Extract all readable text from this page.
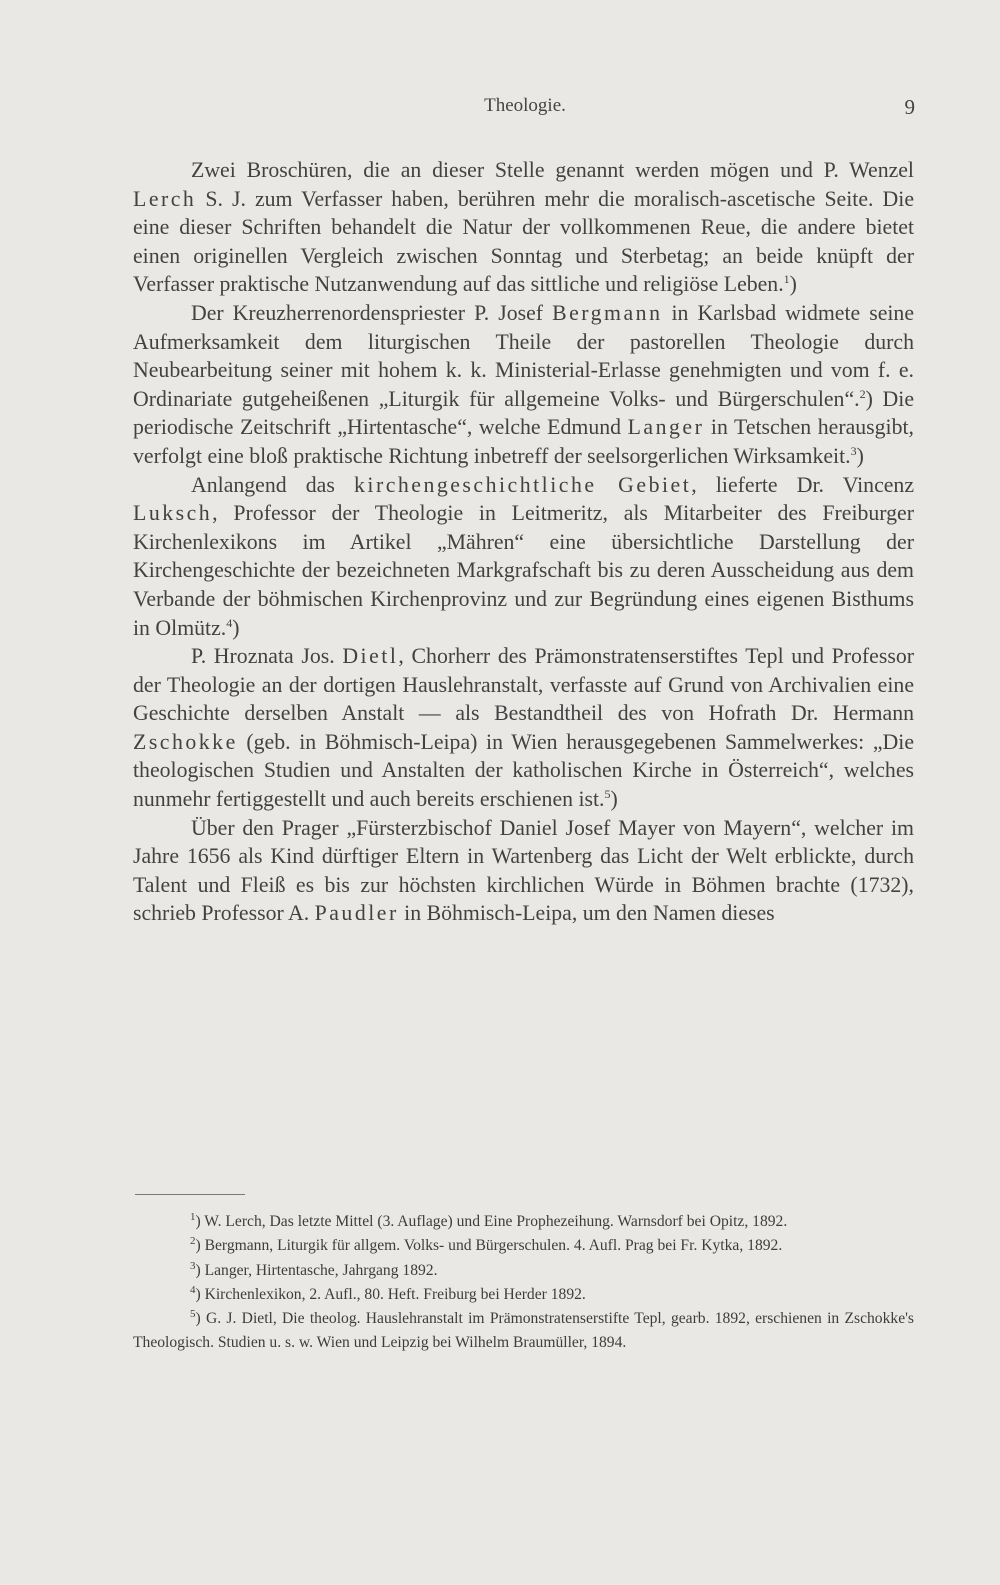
Theologie.	9

Zwei Broschüren, die an dieser Stelle genannt werden mögen und P. Wenzel Lerch S. J. zum Verfasser haben, berühren mehr die moralisch-ascetische Seite. Die eine dieser Schriften behandelt die Natur der vollkommenen Reue, die andere bietet einen originellen Vergleich zwischen Sonntag und Sterbetag; an beide knüpft der Verfasser praktische Nutzanwendung auf das sittliche und religiöse Leben.$^1$)

Der Kreuzherrenordenspriester P. Josef Bergmann in Karlsbad widmete seine Aufmerksamkeit dem liturgischen Theile der pastorellen Theologie durch Neubearbeitung seiner mit hohem k. k. Ministerial-Erlasse genehmigten und vom f. e. Ordinariate gutgeheißenen „Liturgik für allgemeine Volks- und Bürgerschulen“.$^2$) Die periodische Zeitschrift „Hirtentasche“, welche Edmund Langer in Tetschen herausgibt, verfolgt eine bloß praktische Richtung inbetreff der seelsorgerlichen Wirksamkeit.$^3$)

Anlangend das kirchengeschichtliche Gebiet, lieferte Dr. Vincenz Luksch, Professor der Theologie in Leitmeritz, als Mitarbeiter des Freiburger Kirchenlexikons im Artikel „Mähren“ eine übersichtliche Darstellung der Kirchengeschichte der bezeichneten Markgrafschaft bis zu deren Ausscheidung aus dem Verbande der böhmischen Kirchenprovinz und zur Begründung eines eigenen Bisthums in Olmütz.$^4$)

P. Hroznata Jos. Dietl, Chorherr des Prämonstratenserstiftes Tepl und Professor der Theologie an der dortigen Hauslehranstalt, verfasste auf Grund von Archivalien eine Geschichte derselben Anstalt — als Bestandtheil des von Hofrath Dr. Hermann Zschokke (geb. in Böhmisch-Leipa) in Wien herausgegebenen Sammelwerkes: „Die theologischen Studien und Anstalten der katholischen Kirche in Österreich“, welches nunmehr fertiggestellt und auch bereits erschienen ist.$^5$)

Über den Prager „Fürsterzbischof Daniel Josef Mayer von Mayern“, welcher im Jahre 1656 als Kind dürftiger Eltern in Wartenberg das Licht der Welt erblickte, durch Talent und Fleiß es bis zur höchsten kirchlichen Würde in Böhmen brachte (1732), schrieb Professor A. Paudler in Böhmisch-Leipa, um den Namen dieses

$^1$) W. Lerch, Das letzte Mittel (3. Auflage) und Eine Prophezeihung. Warnsdorf bei Opitz, 1892.

$^2$) Bergmann, Liturgik für allgem. Volks- und Bürgerschulen. 4. Aufl. Prag bei Fr. Kytka, 1892.

$^3$) Langer, Hirtentasche, Jahrgang 1892.

$^4$) Kirchenlexikon, 2. Aufl., 80. Heft. Freiburg bei Herder 1892.

$^5$) G. J. Dietl, Die theolog. Hauslehranstalt im Prämonstratenserstifte Tepl, gearb. 1892, erschienen in Zschokke's Theologisch. Studien u. s. w. Wien und Leipzig bei Wilhelm Braumüller, 1894.
